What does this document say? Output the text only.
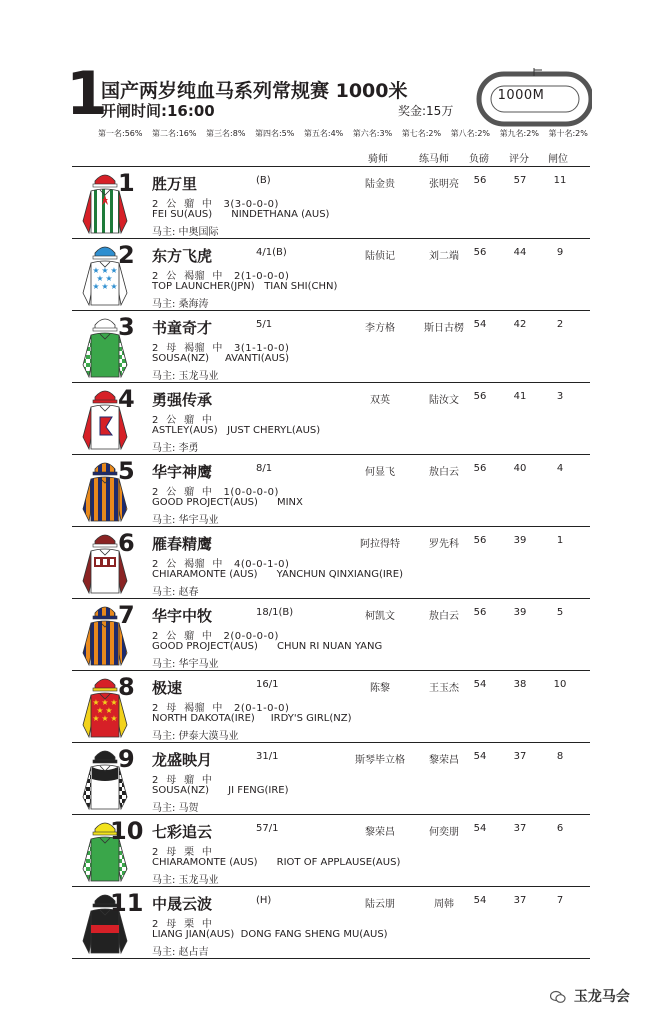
1
国产两岁纯血马系列常规赛 1000米
开闸时间:16:00	奖金:15万
1000M
第一名:56% 第二名:16% 第三名:8% 第四名:5% 第五名:4% 第六名:3% 第七名:2% 第八名:2% 第九名:2% 第十名:2%
骑师	练马师 负磅 评分 闸位
1 胜万里	(B)
2  公  骝  中   3(3-0-0-0)
FEI SU(AUS)      NINDETHANA (AUS)
马主: 中奥国际
陆金贵	张明亮	56	57	11
★ ★ ★
★ ★
★ ★ ★
2 东方飞虎	4/1(B)
2  公  褐骝  中   2(1-0-0-0)
TOP LAUNCHER(JPN)   TIAN SHI(CHN)
马主: 桑海涛
陆侦记	刘二端	56	44	9
3 书童奇才	5/1
2  母  褐骝  中   3(1-1-0-0)
SOUSA(NZ)     AVANTI(AUS)
马主: 玉龙马业
李方格	斯日古楞 54	42	2
4 勇强传承
2  公  骝  中
ASTLEY(AUS)   JUST CHERYL(AUS)
马主: 李勇
双英	陆汝文	56	41	3
5 华宇神鹰	8/1
2  公  骝  中   1(0-0-0-0)
GOOD PROJECT(AUS)      MINX
马主: 华宇马业
何显飞	敖白云	56	40	4
6 雁春精鹰
2  公  褐骝  中   4(0-0-1-0)
CHIARAMONTE (AUS)      YANCHUN QINXIANG(IRE)
马主: 赵春
阿拉得特	罗先科	56	39	1
7 华宇中牧	18/1(B)
2  公  骝  中   2(0-0-0-0)
GOOD PROJECT(AUS)      CHUN RI NUAN YANG
马主: 华宇马业
柯凯文	敖白云	56	39	5
★ ★ ★
★ ★
★ ★ ★
8 极速	16/1
2  母  褐骝  中   2(0-1-0-0)
NORTH DAKOTA(IRE)     IRDY'S GIRL(NZ)
马主: 伊泰大漠马业
陈黎	王玉杰	54	38	10
9 龙盛映月	31/1
2  母  骝  中
SOUSA(NZ)      JI FENG(IRE)
马主: 马贺
斯琴毕立格	黎荣昌	54	37	8
10 七彩追云	57/1
2  母  栗  中
CHIARAMONTE (AUS)      RIOT OF APPLAUSE(AUS)
马主: 玉龙马业
黎荣昌	何奕朋	54	37	6
11 中晟云波	(H)
2  母  栗  中
LIANG JIAN(AUS)  DONG FANG SHENG MU(AUS)
马主: 赵占吉
陆云朋	周韩	54	37	7
玉龙马会
